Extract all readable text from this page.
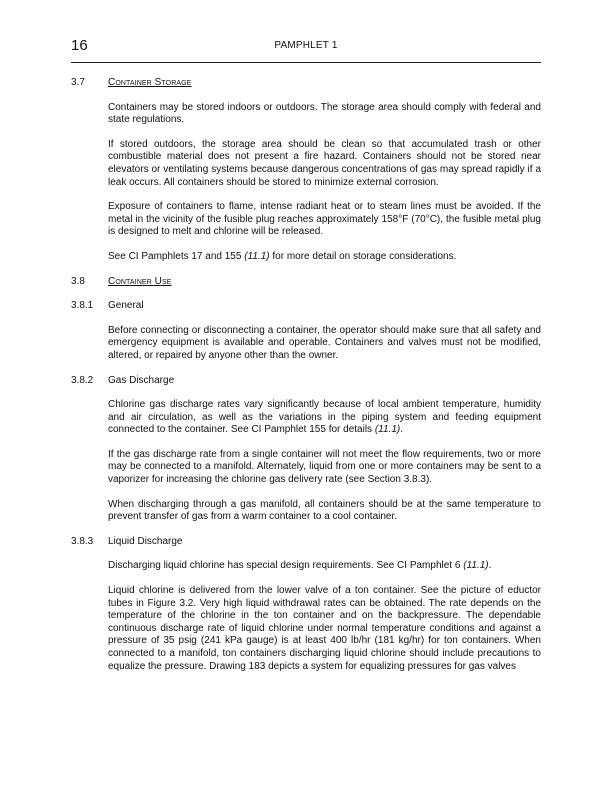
16	PAMPHLET 1
3.7	Container Storage

Containers may be stored indoors or outdoors. The storage area should comply with federal and state regulations.

If stored outdoors, the storage area should be clean so that accumulated trash or other combustible material does not present a fire hazard. Containers should not be stored near elevators or ventilating systems because dangerous concentrations of gas may spread rapidly if a leak occurs. All containers should be stored to minimize external corrosion.

Exposure of containers to flame, intense radiant heat or to steam lines must be avoided. If the metal in the vicinity of the fusible plug reaches approximately 158°F (70°C), the fusible metal plug is designed to melt and chlorine will be released.

See CI Pamphlets 17 and 155 (11.1) for more detail on storage considerations.

3.8	Container Use
3.8.1	General

Before connecting or disconnecting a container, the operator should make sure that all safety and emergency equipment is available and operable. Containers and valves must not be modified, altered, or repaired by anyone other than the owner.

3.8.2	Gas Discharge

Chlorine gas discharge rates vary significantly because of local ambient temperature, humidity and air circulation, as well as the variations in the piping system and feeding equipment connected to the container. See CI Pamphlet 155 for details (11.1).

If the gas discharge rate from a single container will not meet the flow requirements, two or more may be connected to a manifold. Alternately, liquid from one or more containers may be sent to a vaporizer for increasing the chlorine gas delivery rate (see Section 3.8.3).

When discharging through a gas manifold, all containers should be at the same temperature to prevent transfer of gas from a warm container to a cool container.

3.8.3	Liquid Discharge

Discharging liquid chlorine has special design requirements. See CI Pamphlet 6 (11.1).

Liquid chlorine is delivered from the lower valve of a ton container. See the picture of eductor tubes in Figure 3.2. Very high liquid withdrawal rates can be obtained. The rate depends on the temperature of the chlorine in the ton container and on the backpressure. The dependable continuous discharge rate of liquid chlorine under normal temperature conditions and against a pressure of 35 psig (241 kPa gauge) is at least 400 lb/hr (181 kg/hr) for ton containers. When connected to a manifold, ton containers discharging liquid chlorine should include precautions to equalize the pressure. Drawing 183 depicts a system for equalizing pressures for gas valves
